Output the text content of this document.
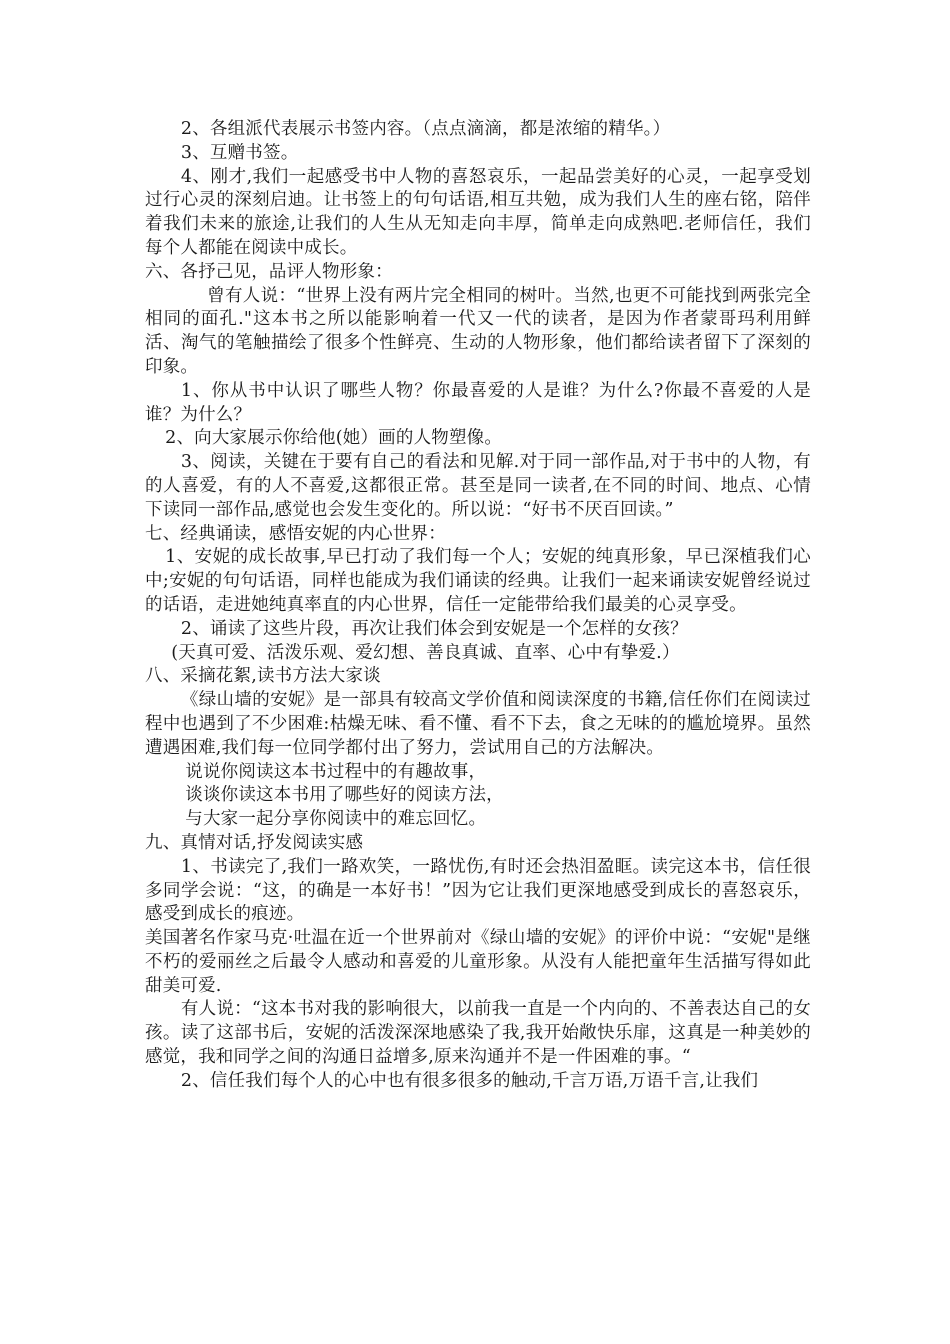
2、各组派代表展示书签内容。（点点滴滴，都是浓缩的精华。）

3、互赠书签。

4、刚才,我们一起感受书中人物的喜怒哀乐，一起品尝美好的心灵，一起享受划过行心灵的深刻启迪。让书签上的句句话语,相互共勉，成为我们人生的座右铭，陪伴着我们未来的旅途,让我们的人生从无知走向丰厚，简单走向成熟吧.老师信任，我们每个人都能在阅读中成长。

六、各抒己见，品评人物形象：

曾有人说：“世界上没有两片完全相同的树叶。当然,也更不可能找到两张完全相同的面孔."这本书之所以能影响着一代又一代的读者，是因为作者蒙哥玛利用鲜活、淘气的笔触描绘了很多个性鲜亮、生动的人物形象，他们都给读者留下了深刻的印象。

1、你从书中认识了哪些人物？你最喜爱的人是谁？为什么?你最不喜爱的人是谁？为什么？

2、向大家展示你给他(她）画的人物塑像。

3、阅读，关键在于要有自己的看法和见解.对于同一部作品,对于书中的人物，有的人喜爱，有的人不喜爱,这都很正常。甚至是同一读者,在不同的时间、地点、心情下读同一部作品,感觉也会发生变化的。所以说：“好书不厌百回读。”

七、经典诵读，感悟安妮的内心世界：

1、安妮的成长故事,早已打动了我们每一个人；安妮的纯真形象，早已深植我们心中;安妮的句句话语，同样也能成为我们诵读的经典。让我们一起来诵读安妮曾经说过的话语，走进她纯真率直的内心世界，信任一定能带给我们最美的心灵享受。

2、诵读了这些片段，再次让我们体会到安妮是一个怎样的女孩？

(天真可爱、活泼乐观、爱幻想、善良真诚、直率、心中有挚爱.）

八、采摘花絮,读书方法大家谈

《绿山墙的安妮》是一部具有较高文学价值和阅读深度的书籍,信任你们在阅读过程中也遇到了不少困难:枯燥无味、看不懂、看不下去，食之无味的的尴尬境界。虽然遭遇困难,我们每一位同学都付出了努力，尝试用自己的方法解决。

说说你阅读这本书过程中的有趣故事，

谈谈你读这本书用了哪些好的阅读方法，

与大家一起分享你阅读中的难忘回忆。

九、真情对话,抒发阅读实感

1、书读完了,我们一路欢笑，一路忧伤,有时还会热泪盈眶。读完这本书，信任很多同学会说：“这，的确是一本好书！”因为它让我们更深地感受到成长的喜怒哀乐，感受到成长的痕迹。

美国著名作家马克·吐温在近一个世界前对《绿山墙的安妮》的评价中说：“安妮"是继不朽的爱丽丝之后最令人感动和喜爱的儿童形象。从没有人能把童年生活描写得如此甜美可爱.

有人说：“这本书对我的影响很大，以前我一直是一个内向的、不善表达自己的女孩。读了这部书后，安妮的活泼深深地感染了我,我开始敞快乐扉，这真是一种美妙的感觉，我和同学之间的沟通日益增多,原来沟通并不是一件困难的事。“

2、信任我们每个人的心中也有很多很多的触动,千言万语,万语千言,让我们
